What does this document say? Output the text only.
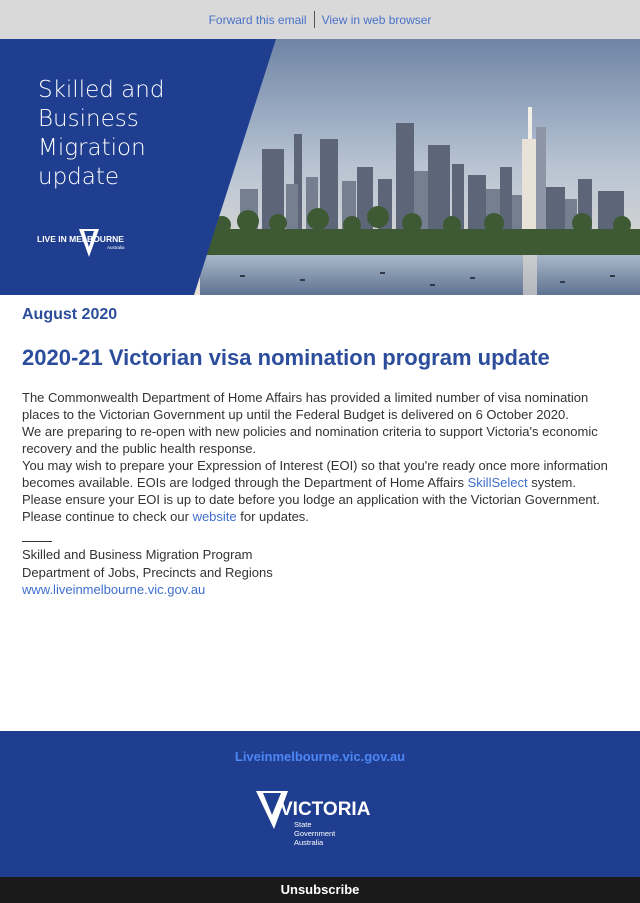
Forward this email	View in web browser
Skilled and
Business
Migration
update
LIVE IN MELBOURNE
Australia
August 2020
2020-21 Victorian visa nomination program update

The Commonwealth Department of Home Affairs has provided a limited number of visa nomination places to the Victorian Government up until the Federal Budget is delivered on 6 October 2020.

We are preparing to re-open with new policies and nomination criteria to support Victoria's economic recovery and the public health response.

You may wish to prepare your Expression of Interest (EOI) so that you're ready once more information becomes available. EOIs are lodged through the Department of Home Affairs SkillSelect system.

Please ensure your EOI is up to date before you lodge an application with the Victorian Government.

Please continue to check our website for updates.

Skilled and Business Migration Program

Department of Jobs, Precincts and Regions

www.liveinmelbourne.vic.gov.au
Liveinmelbourne.vic.gov.au
VICTORIA
State
Government
Australia
Unsubscribe
